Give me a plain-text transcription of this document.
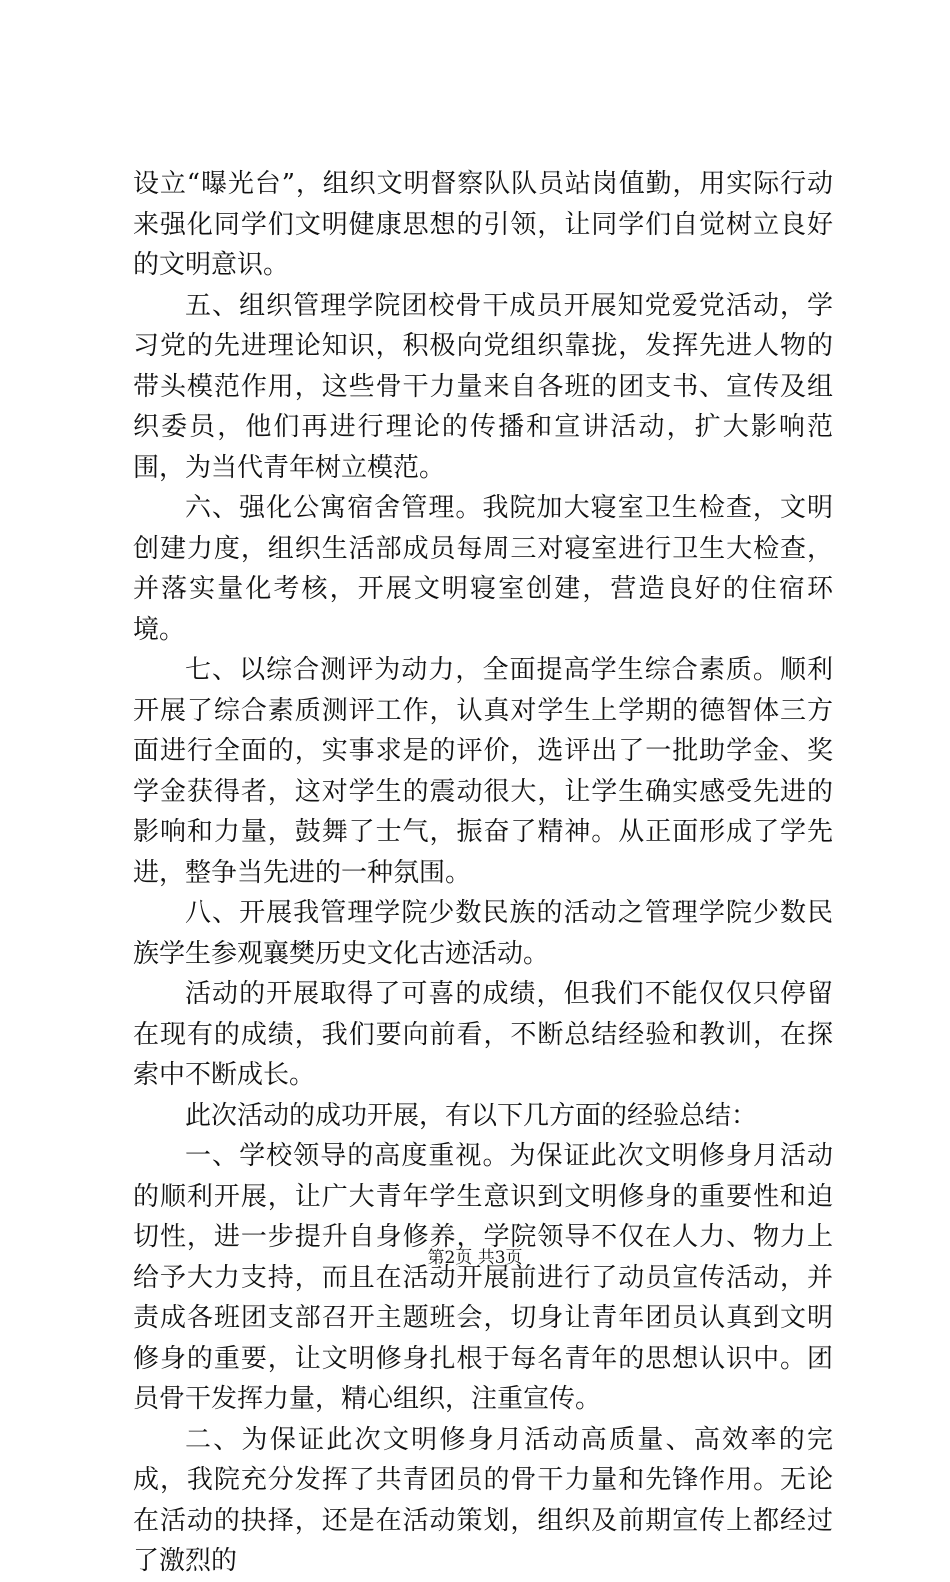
设立“曝光台”，组织文明督察队队员站岗值勤，用实际行动来强化同学们文明健康思想的引领，让同学们自觉树立良好的文明意识。

五、组织管理学院团校骨干成员开展知党爱党活动，学习党的先进理论知识，积极向党组织靠拢，发挥先进人物的带头模范作用，这些骨干力量来自各班的团支书、宣传及组织委员，他们再进行理论的传播和宣讲活动，扩大影响范围，为当代青年树立模范。

六、强化公寓宿舍管理。我院加大寝室卫生检查，文明创建力度，组织生活部成员每周三对寝室进行卫生大检查，并落实量化考核，开展文明寝室创建，营造良好的住宿环境。

七、以综合测评为动力，全面提高学生综合素质。顺利开展了综合素质测评工作，认真对学生上学期的德智体三方面进行全面的，实事求是的评价，选评出了一批助学金、奖学金获得者，这对学生的震动很大，让学生确实感受先进的影响和力量，鼓舞了士气，振奋了精神。从正面形成了学先进，整争当先进的一种氛围。

八、开展我管理学院少数民族的活动之管理学院少数民族学生参观襄樊历史文化古迹活动。

活动的开展取得了可喜的成绩，但我们不能仅仅只停留在现有的成绩，我们要向前看，不断总结经验和教训，在探索中不断成长。

此次活动的成功开展，有以下几方面的经验总结：

一、学校领导的高度重视。为保证此次文明修身月活动的顺利开展，让广大青年学生意识到文明修身的重要性和迫切性，进一步提升自身修养，学院领导不仅在人力、物力上给予大力支持，而且在活动开展前进行了动员宣传活动，并责成各班团支部召开主题班会，切身让青年团员认真到文明修身的重要，让文明修身扎根于每名青年的思想认识中。团员骨干发挥力量，精心组织，注重宣传。

二、为保证此次文明修身月活动高质量、高效率的完成，我院充分发挥了共青团员的骨干力量和先锋作用。无论在活动的抉择，还是在活动策划，组织及前期宣传上都经过了激烈的

第2页 共3页
